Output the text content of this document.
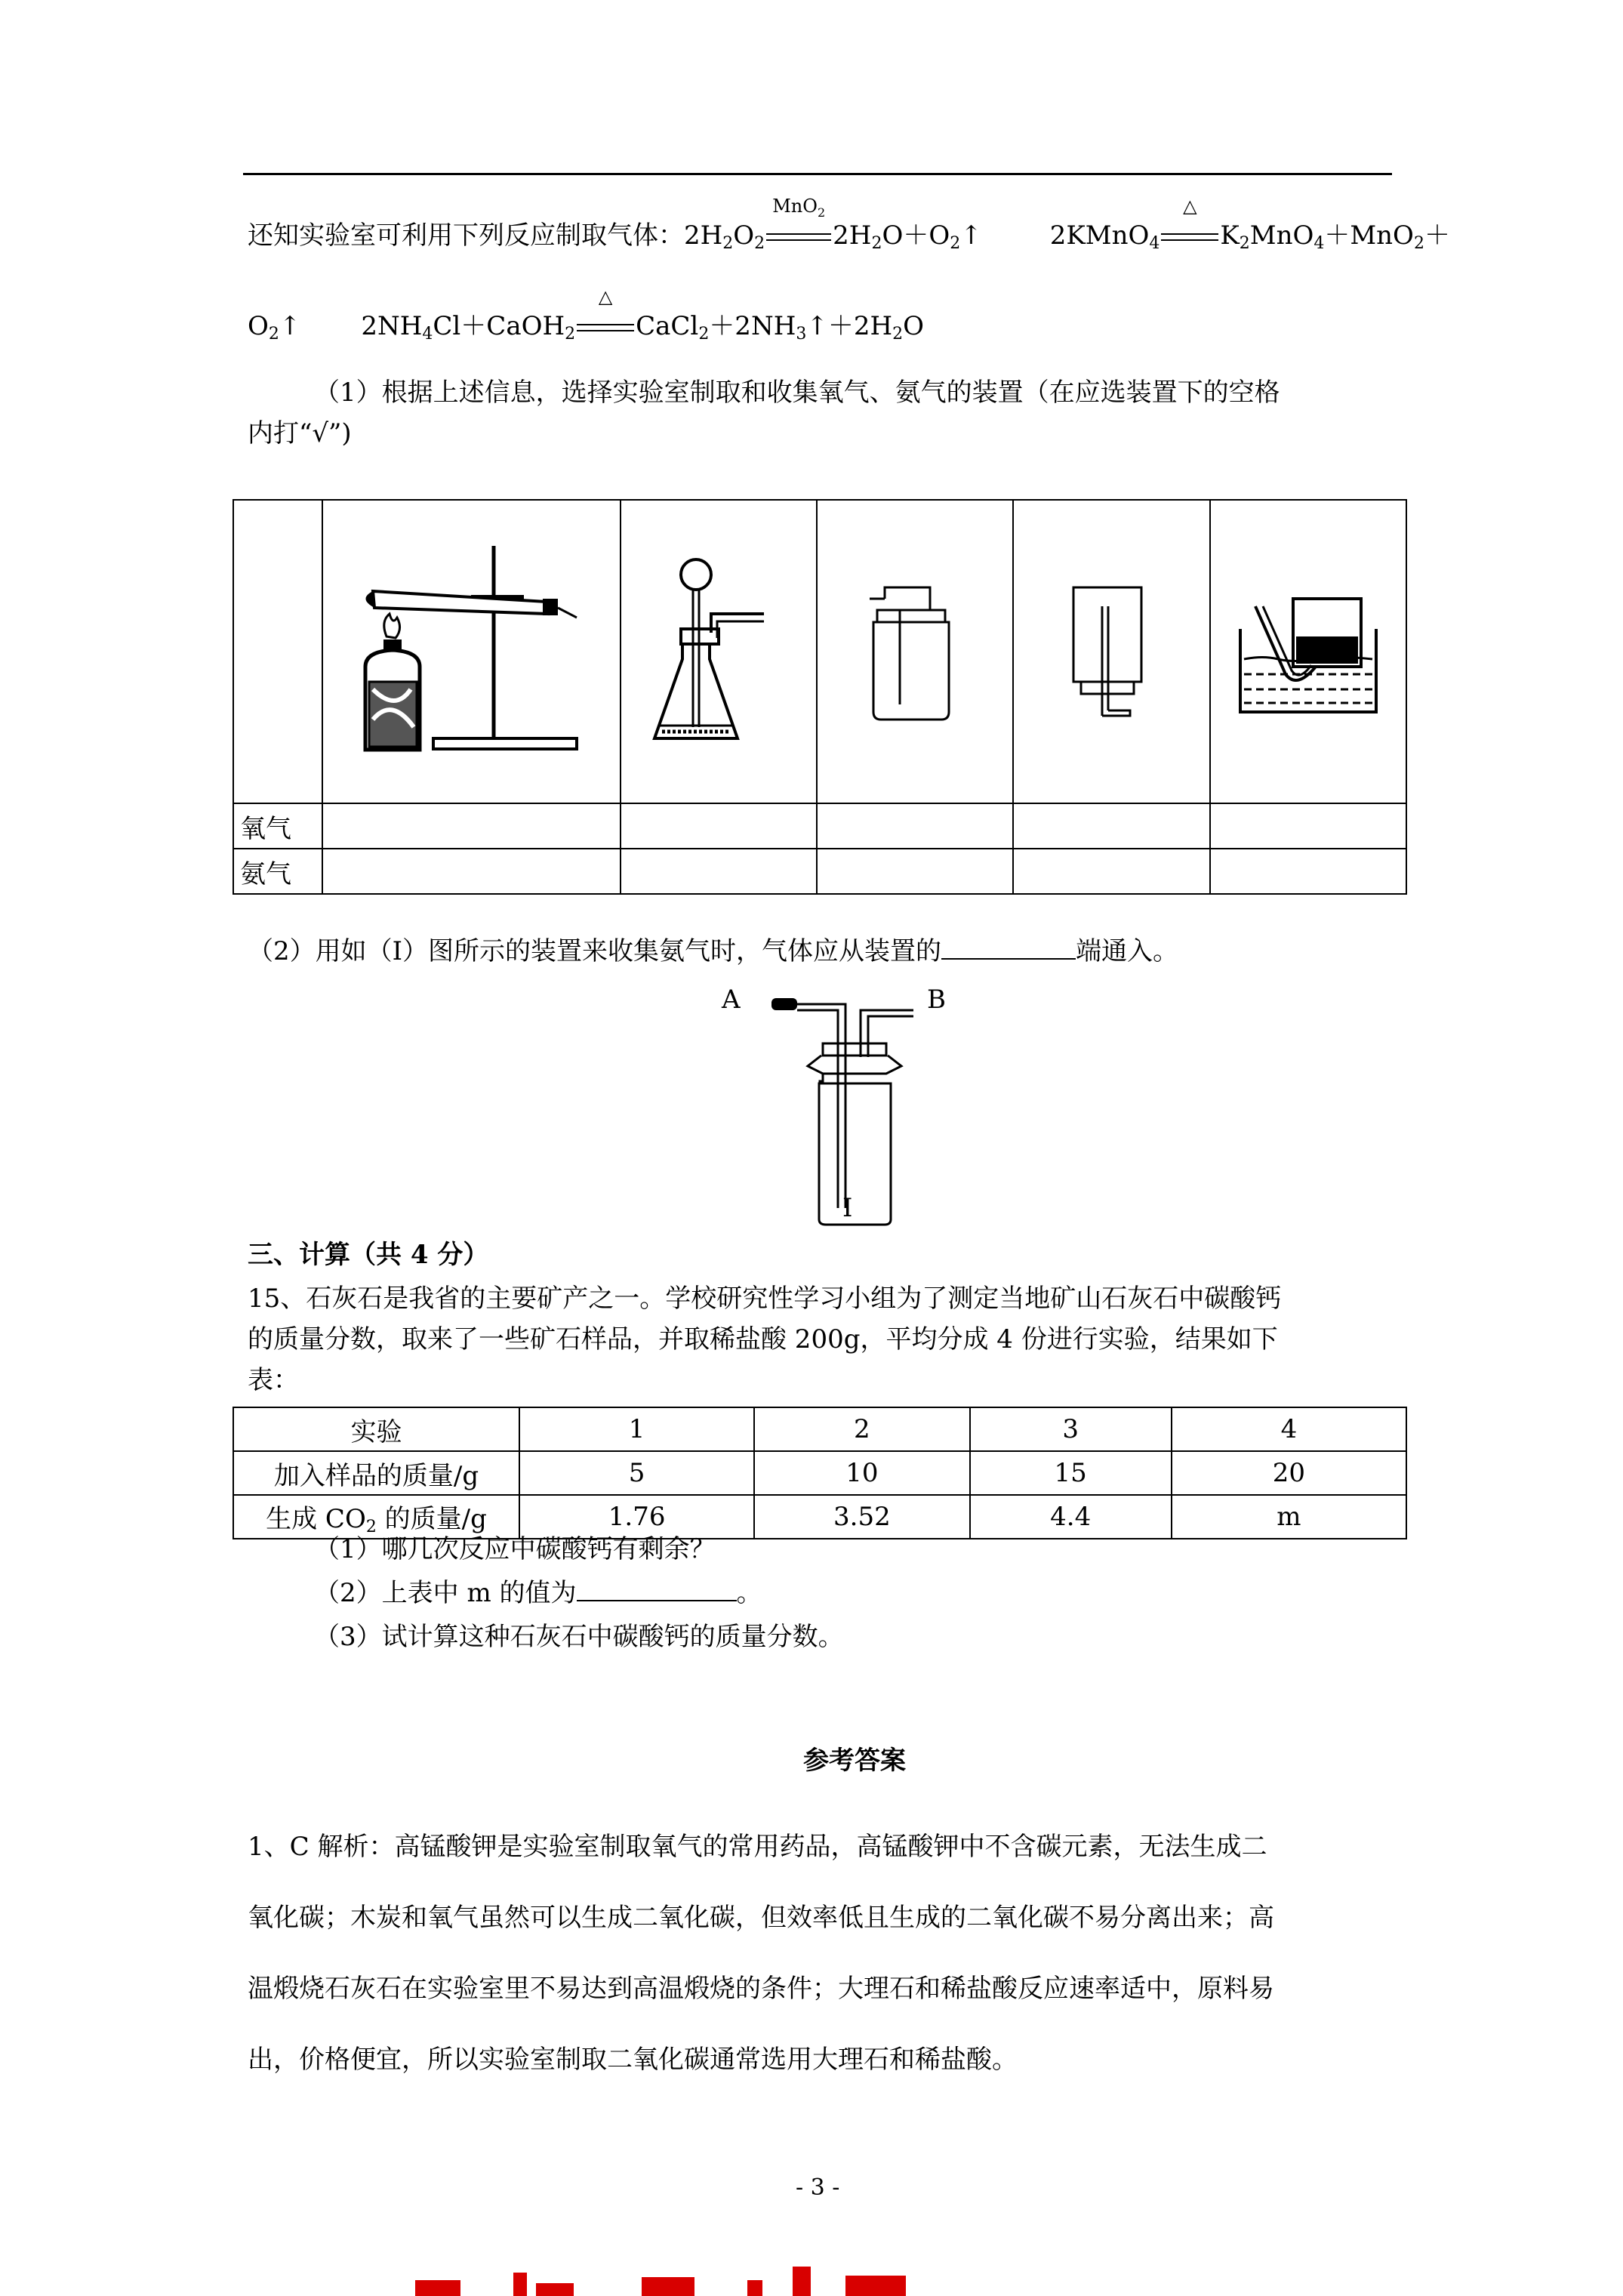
还知实验室可利用下列反应制取气体：$2H_2O_2$
MnO$_2$
$2H_2O+O_2↑$	2KMnO$_4$
△
$K_2MnO_4+MnO_2+$
$O_2↑$ $2NH_4Cl+CaOH_2$
△
$CaCl_2+2NH_3↑+2H_2O$
（1）根据上述信息，选择实验室制取和收集氧气、氨气的装置（在应选装置下的空格
内打“√”)

氧气					
氨气					
（2）用如（I）图所示的装置来收集氨气时，气体应从装置的	端通入。
A	B
I
三、计算（共 4 分）
15、石灰石是我省的主要矿产之一。学校研究性学习小组为了测定当地矿山石灰石中碳酸钙
的质量分数，取来了一些矿石样品，并取稀盐酸 200g，平均分成 4 份进行实验，结果如下
表：
实验	1	2	3	4
加入样品的质量/g	5	10	15	20
生成 $CO_2$ 的质量/g	1.76	3.52	4.4	m
（1）哪几次反应中碳酸钙有剩余？
（2）上表中 m 的值为	。
（3）试计算这种石灰石中碳酸钙的质量分数。
参考答案
1、C 解析：高锰酸钾是实验室制取氧气的常用药品，高锰酸钾中不含碳元素，无法生成二
氧化碳；木炭和氧气虽然可以生成二氧化碳，但效率低且生成的二氧化碳不易分离出来；高
温煅烧石灰石在实验室里不易达到高温煅烧的条件；大理石和稀盐酸反应速率适中，原料易
出，价格便宜，所以实验室制取二氧化碳通常选用大理石和稀盐酸。
- 3 -
